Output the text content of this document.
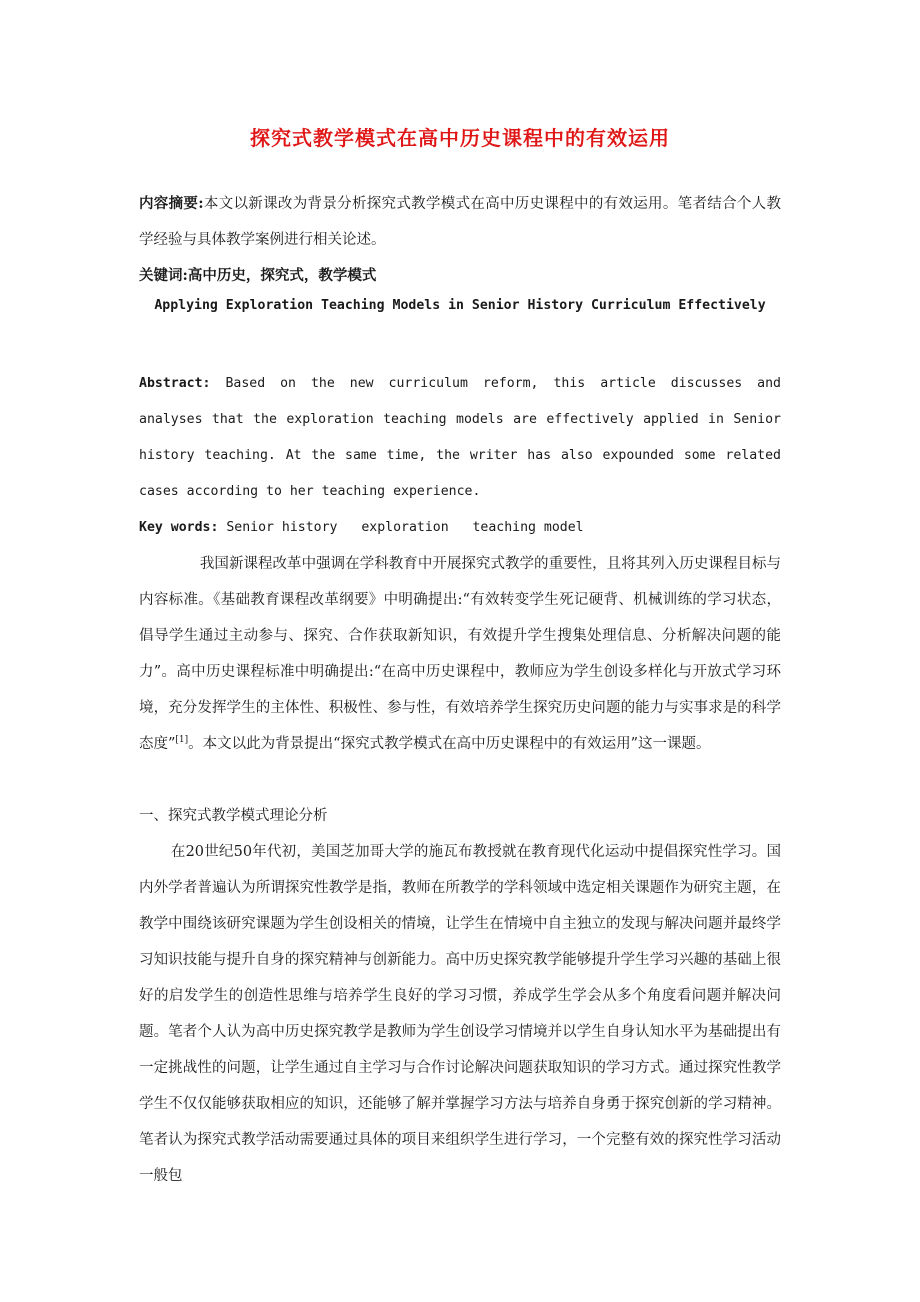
探究式教学模式在高中历史课程中的有效运用
内容摘要:本文以新课改为背景分析探究式教学模式在高中历史课程中的有效运用。笔者结合个人教学经验与具体教学案例进行相关论述。
关键词:高中历史，探究式，教学模式
Applying Exploration Teaching Models in Senior History Curriculum Effectively
Abstract: Based on the new curriculum reform, this article discusses and analyses that the exploration teaching models are effectively applied in Senior history teaching. At the same time, the writer has also expounded some related cases according to her teaching experience.
Key words: Senior history   exploration   teaching model
我国新课程改革中强调在学科教育中开展探究式教学的重要性，且将其列入历史课程目标与内容标准。《基础教育课程改革纲要》中明确提出:“有效转变学生死记硬背、机械训练的学习状态，倡导学生通过主动参与、探究、合作获取新知识，有效提升学生搜集处理信息、分析解决问题的能力”。高中历史课程标准中明确提出:“在高中历史课程中，教师应为学生创设多样化与开放式学习环境，充分发挥学生的主体性、积极性、参与性，有效培养学生探究历史问题的能力与实事求是的科学态度”[1]。本文以此为背景提出“探究式教学模式在高中历史课程中的有效运用”这一课题。
一、探究式教学模式理论分析
在20世纪50年代初，美国芝加哥大学的施瓦布教授就在教育现代化运动中提倡探究性学习。国内外学者普遍认为所谓探究性教学是指，教师在所教学的学科领域中选定相关课题作为研究主题，在教学中围绕该研究课题为学生创设相关的情境，让学生在情境中自主独立的发现与解决问题并最终学习知识技能与提升自身的探究精神与创新能力。高中历史探究教学能够提升学生学习兴趣的基础上很好的启发学生的创造性思维与培养学生良好的学习习惯，养成学生学会从多个角度看问题并解决问题。笔者个人认为高中历史探究教学是教师为学生创设学习情境并以学生自身认知水平为基础提出有一定挑战性的问题，让学生通过自主学习与合作讨论解决问题获取知识的学习方式。通过探究性教学学生不仅仅能够获取相应的知识，还能够了解并掌握学习方法与培养自身勇于探究创新的学习精神。笔者认为探究式教学活动需要通过具体的项目来组织学生进行学习，一个完整有效的探究性学习活动一般包
